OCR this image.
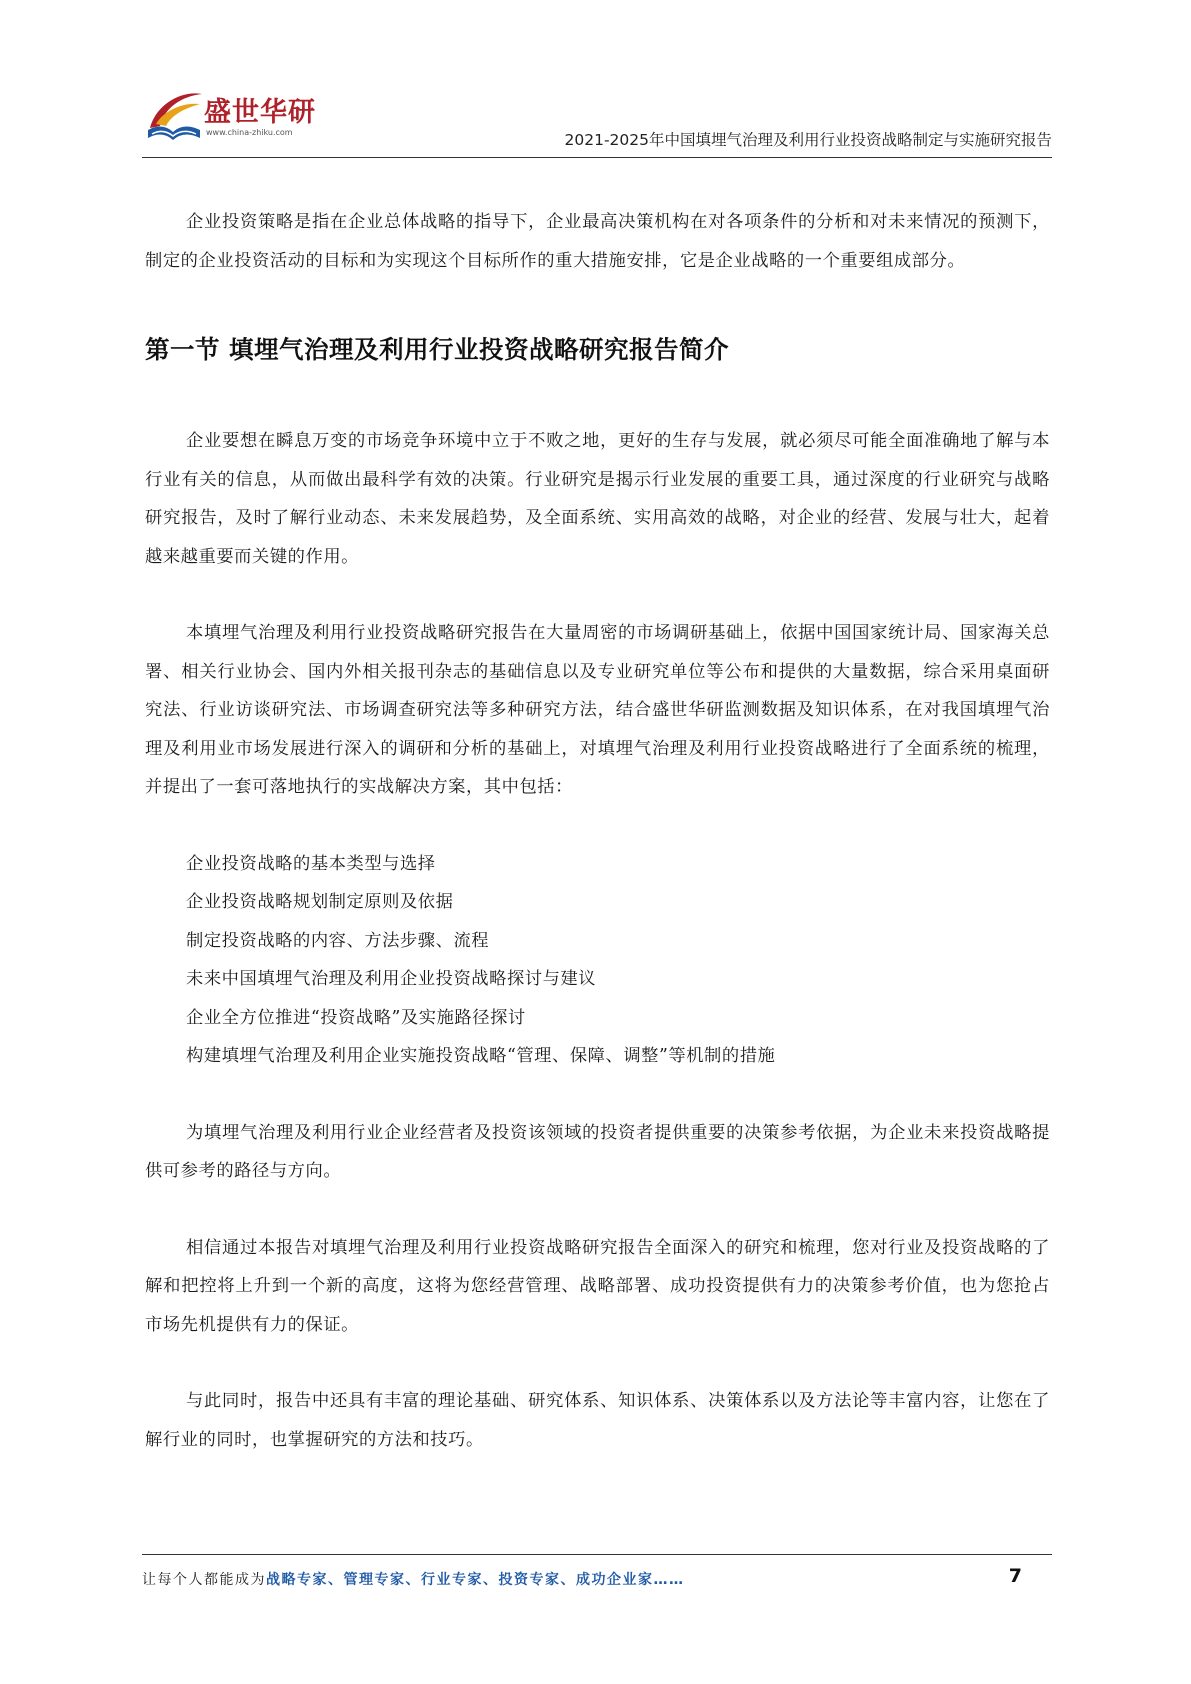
盛世华研
www.china-zhiku.com	2021-2025年中国填埋气治理及利用行业投资战略制定与实施研究报告

企业投资策略是指在企业总体战略的指导下，企业最高决策机构在对各项条件的分析和对未来情况的预测下，制定的企业投资活动的目标和为实现这个目标所作的重大措施安排，它是企业战略的一个重要组成部分。

第一节 填埋气治理及利用行业投资战略研究报告简介

企业要想在瞬息万变的市场竞争环境中立于不败之地，更好的生存与发展，就必须尽可能全面准确地了解与本行业有关的信息，从而做出最科学有效的决策。行业研究是揭示行业发展的重要工具，通过深度的行业研究与战略研究报告，及时了解行业动态、未来发展趋势，及全面系统、实用高效的战略，对企业的经营、发展与壮大，起着越来越重要而关键的作用。

本填埋气治理及利用行业投资战略研究报告在大量周密的市场调研基础上，依据中国国家统计局、国家海关总署、相关行业协会、国内外相关报刊杂志的基础信息以及专业研究单位等公布和提供的大量数据，综合采用桌面研究法、行业访谈研究法、市场调查研究法等多种研究方法，结合盛世华研监测数据及知识体系，在对我国填埋气治理及利用业市场发展进行深入的调研和分析的基础上，对填埋气治理及利用行业投资战略进行了全面系统的梳理，并提出了一套可落地执行的实战解决方案，其中包括：

企业投资战略的基本类型与选择
企业投资战略规划制定原则及依据
制定投资战略的内容、方法步骤、流程
未来中国填埋气治理及利用企业投资战略探讨与建议
企业全方位推进“投资战略”及实施路径探讨
构建填埋气治理及利用企业实施投资战略“管理、保障、调整”等机制的措施

为填埋气治理及利用行业企业经营者及投资该领域的投资者提供重要的决策参考依据，为企业未来投资战略提供可参考的路径与方向。

相信通过本报告对填埋气治理及利用行业投资战略研究报告全面深入的研究和梳理，您对行业及投资战略的了解和把控将上升到一个新的高度，这将为您经营管理、战略部署、成功投资提供有力的决策参考价值，也为您抢占市场先机提供有力的保证。

与此同时，报告中还具有丰富的理论基础、研究体系、知识体系、决策体系以及方法论等丰富内容，让您在了解行业的同时，也掌握研究的方法和技巧。

让每个人都能成为战略专家、管理专家、行业专家、投资专家、成功企业家……	7
